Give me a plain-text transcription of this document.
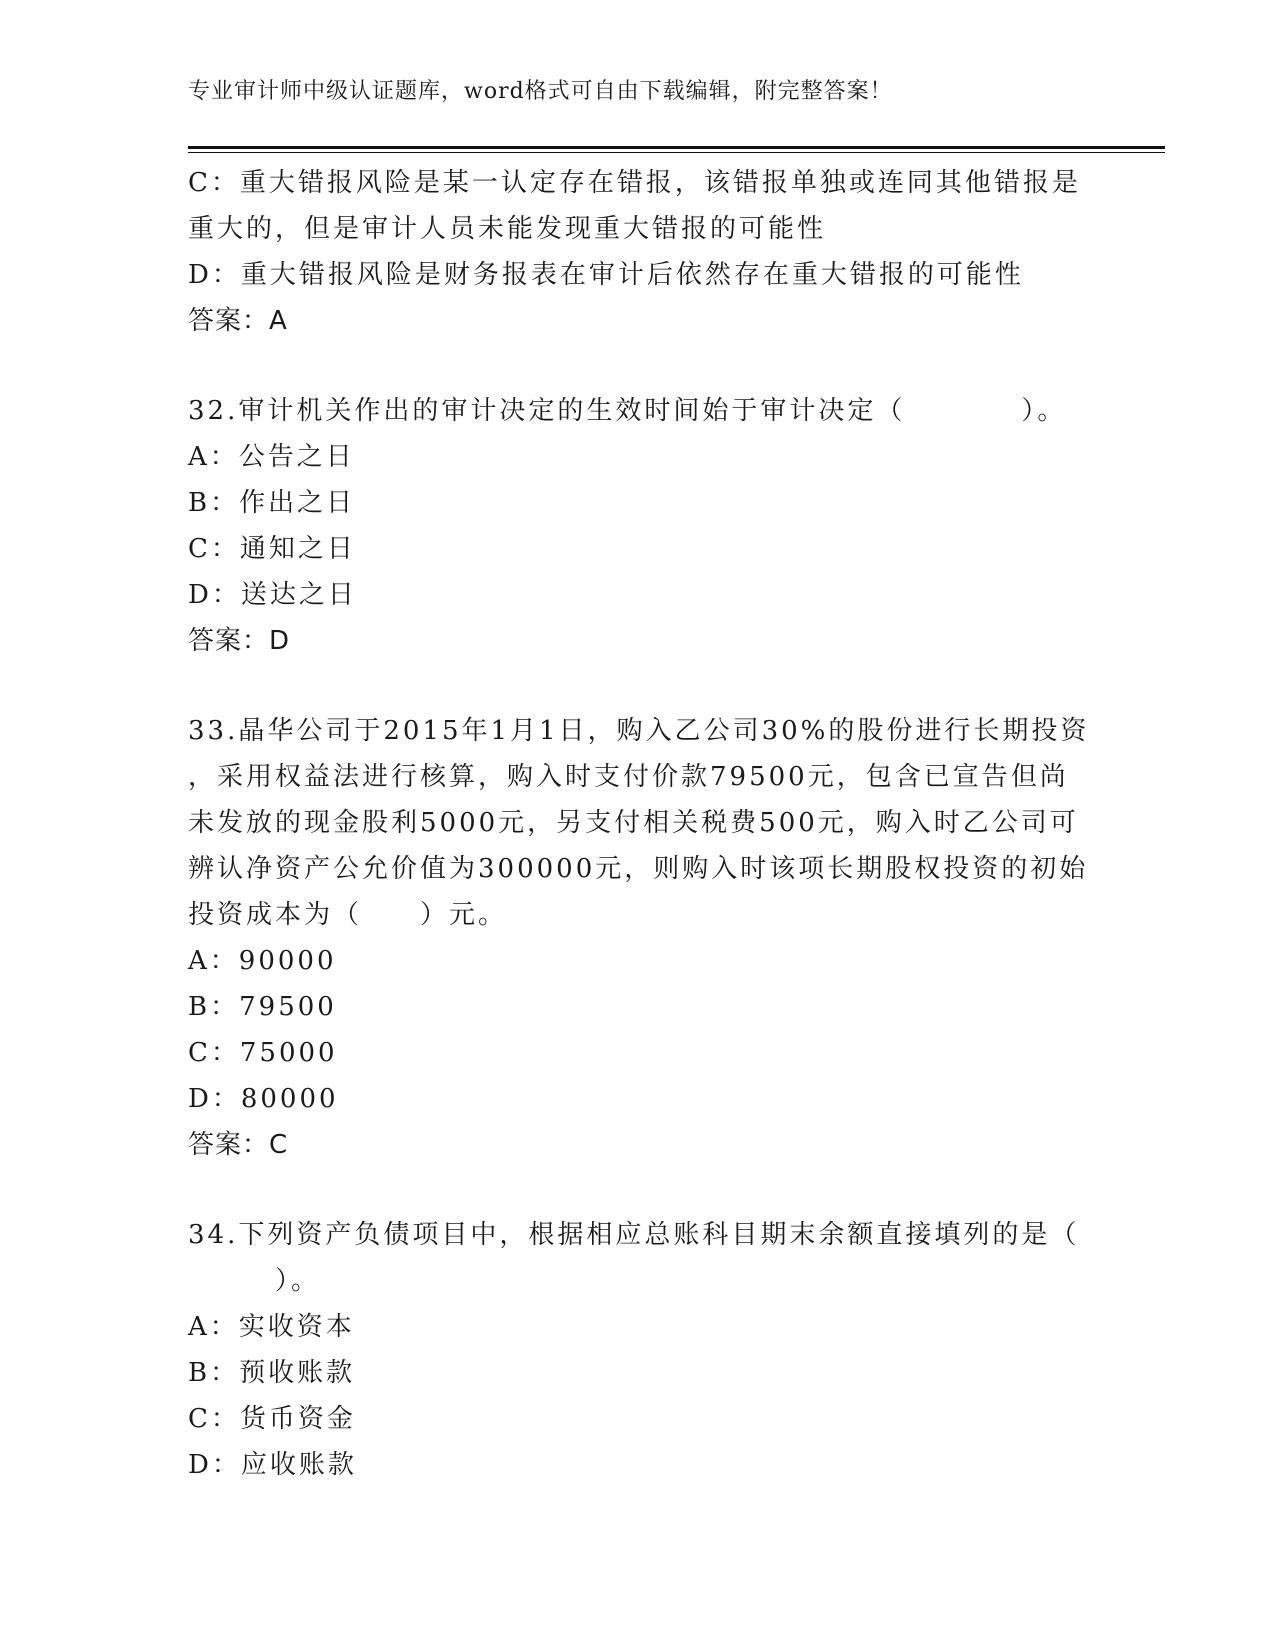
专业审计师中级认证题库，word格式可自由下载编辑，附完整答案！
C：重大错报风险是某一认定存在错报，该错报单独或连同其他错报是
重大的，但是审计人员未能发现重大错报的可能性
D：重大错报风险是财务报表在审计后依然存在重大错报的可能性
答案：A
32.审计机关作出的审计决定的生效时间始于审计决定（　　　　）。
A：公告之日
B：作出之日
C：通知之日
D：送达之日
答案：D
33.晶华公司于2015年1月1日，购入乙公司30%的股份进行长期投资
，采用权益法进行核算，购入时支付价款79500元，包含已宣告但尚
未发放的现金股利5000元，另支付相关税费500元，购入时乙公司可
辨认净资产公允价值为300000元，则购入时该项长期股权投资的初始
投资成本为（　　）元。
A：90000
B：79500
C：75000
D：80000
答案：C
34.下列资产负债项目中，根据相应总账科目期末余额直接填列的是（
　　　）。
A：实收资本
B：预收账款
C：货币资金
D：应收账款
